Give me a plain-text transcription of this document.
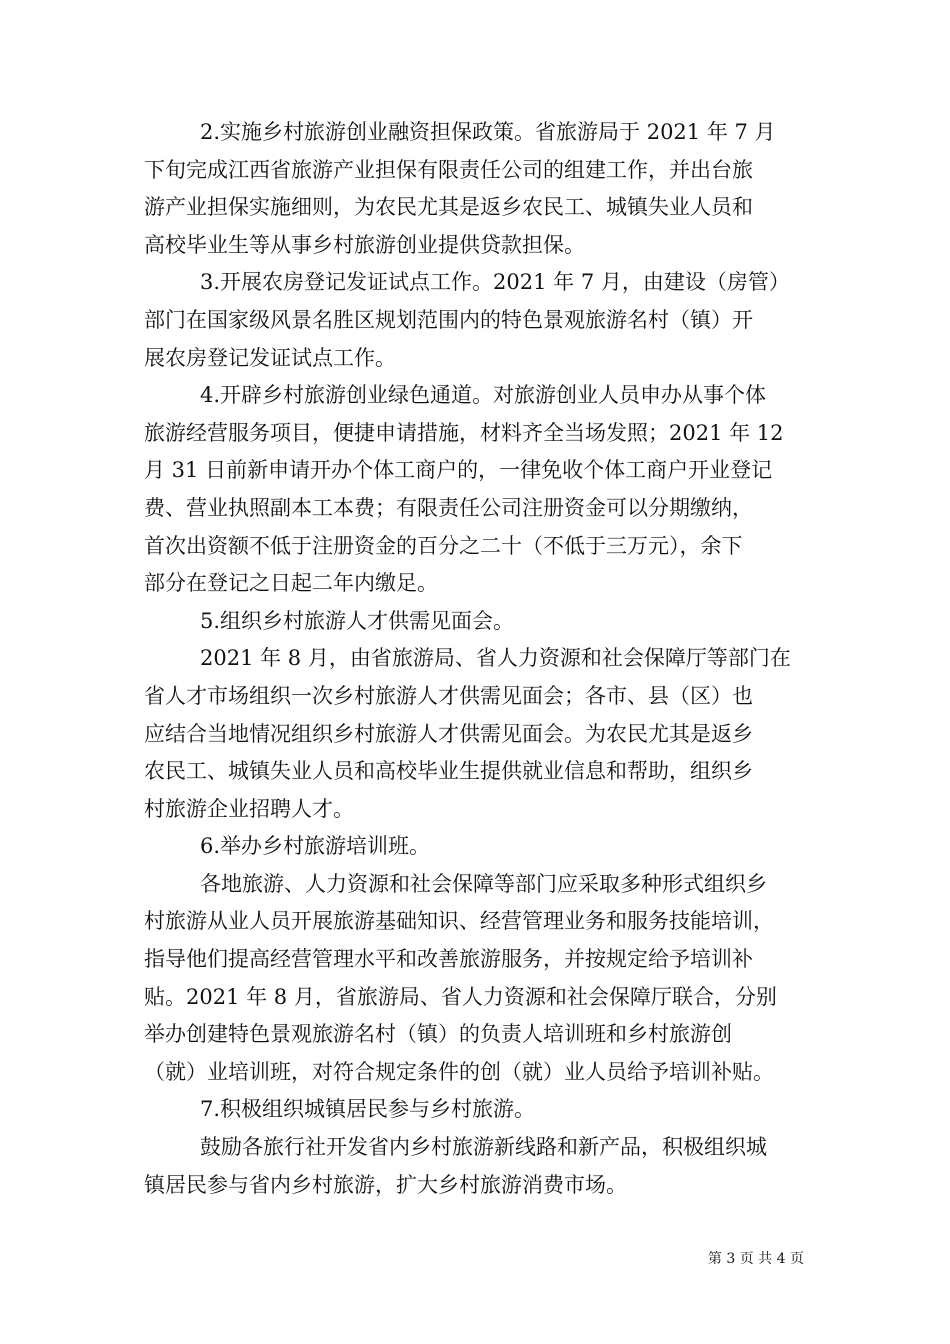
2.实施乡村旅游创业融资担保政策。省旅游局于 2021 年 7 月
下旬完成江西省旅游产业担保有限责任公司的组建工作，并出台旅
游产业担保实施细则，为农民尤其是返乡农民工、城镇失业人员和
高校毕业生等从事乡村旅游创业提供贷款担保。
3.开展农房登记发证试点工作。2021 年 7 月，由建设（房管）
部门在国家级风景名胜区规划范围内的特色景观旅游名村（镇）开
展农房登记发证试点工作。
4.开辟乡村旅游创业绿色通道。对旅游创业人员申办从事个体
旅游经营服务项目，便捷申请措施，材料齐全当场发照；2021 年 12
月 31 日前新申请开办个体工商户的，一律免收个体工商户开业登记
费、营业执照副本工本费；有限责任公司注册资金可以分期缴纳，
首次出资额不低于注册资金的百分之二十（不低于三万元），余下
部分在登记之日起二年内缴足。
5.组织乡村旅游人才供需见面会。
2021 年 8 月，由省旅游局、省人力资源和社会保障厅等部门在
省人才市场组织一次乡村旅游人才供需见面会；各市、县（区）也
应结合当地情况组织乡村旅游人才供需见面会。为农民尤其是返乡
农民工、城镇失业人员和高校毕业生提供就业信息和帮助，组织乡
村旅游企业招聘人才。
6.举办乡村旅游培训班。
各地旅游、人力资源和社会保障等部门应采取多种形式组织乡
村旅游从业人员开展旅游基础知识、经营管理业务和服务技能培训，
指导他们提高经营管理水平和改善旅游服务，并按规定给予培训补
贴。2021 年 8 月，省旅游局、省人力资源和社会保障厅联合，分别
举办创建特色景观旅游名村（镇）的负责人培训班和乡村旅游创
（就）业培训班，对符合规定条件的创（就）业人员给予培训补贴。
7.积极组织城镇居民参与乡村旅游。
鼓励各旅行社开发省内乡村旅游新线路和新产品，积极组织城
镇居民参与省内乡村旅游，扩大乡村旅游消费市场。
第 3 页 共 4 页
